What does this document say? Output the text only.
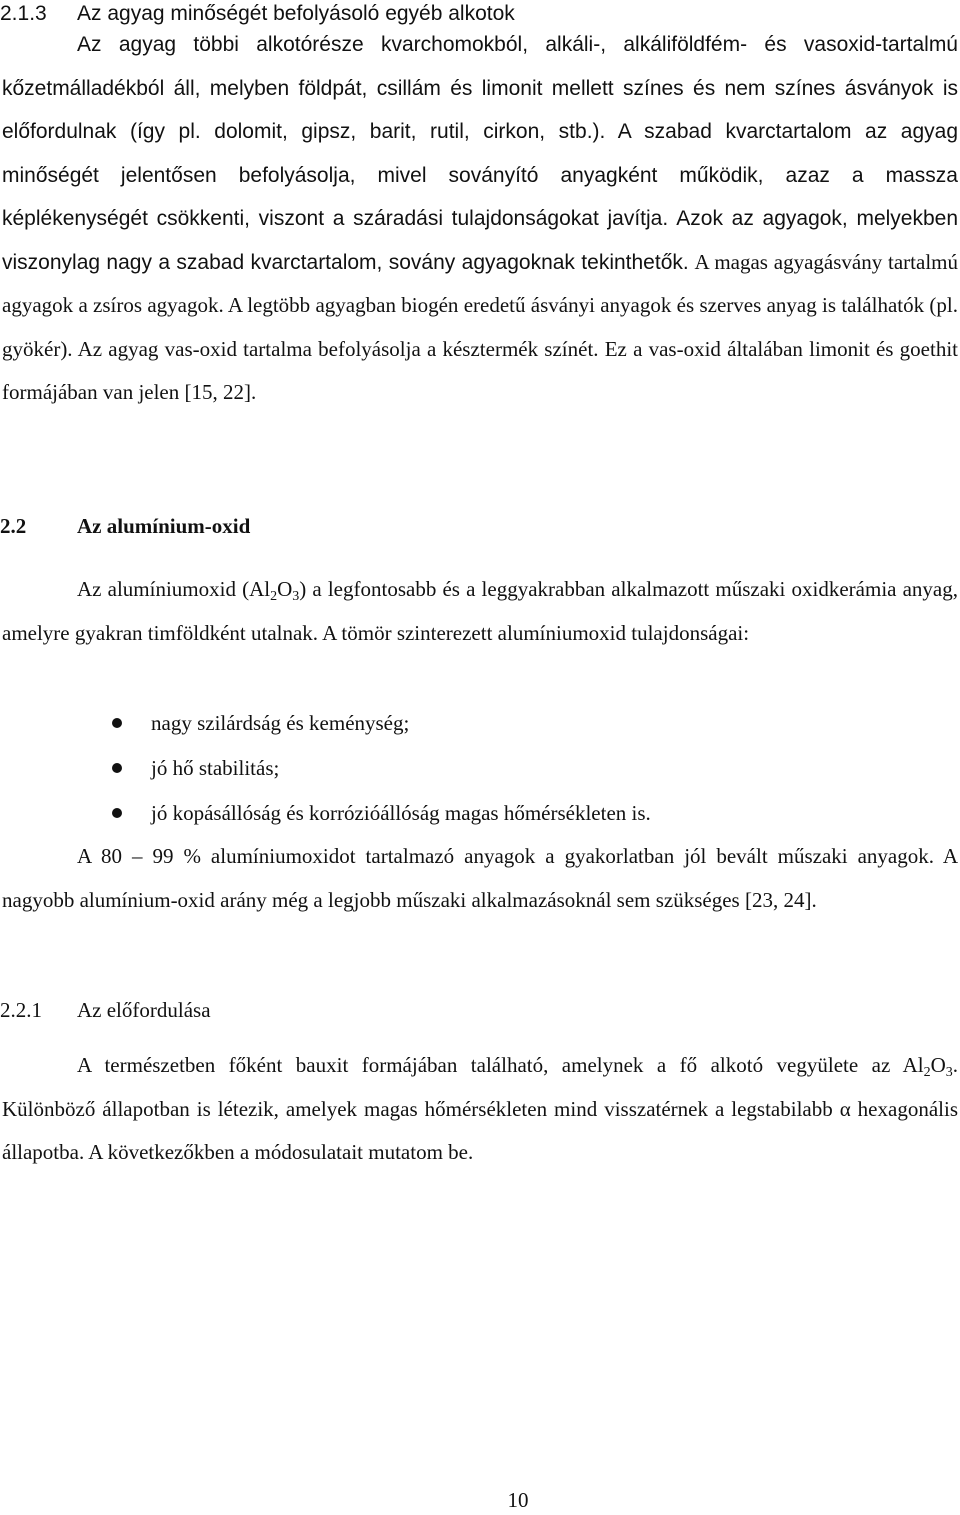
2.1.3 Az agyag minőségét befolyásoló egyéb alkotok
Az agyag többi alkotórésze kvarchomokból, alkáli-, alkáliföldfém- és vasoxid-tartalmú kőzetmálladékból áll, melyben földpát, csillám és limonit mellett színes és nem színes ásványok is előfordulnak (így pl. dolomit, gipsz, barit, rutil, cirkon, stb.). A szabad kvarctartalom az agyag minőségét jelentősen befolyásolja, mivel soványító anyagként működik, azaz a massza képlékenységét csökkenti, viszont a száradási tulajdonságokat javítja. Azok az agyagok, melyekben viszonylag nagy a szabad kvarctartalom, sovány agyagoknak tekinthetők. A magas agyagásvány tartalmú agyagok a zsíros agyagok. A legtöbb agyagban biogén eredetű ásványi anyagok és szerves anyag is találhatók (pl. gyökér). Az agyag vas-oxid tartalma befolyásolja a késztermék színét. Ez a vas-oxid általában limonit és goethit formájában van jelen [15, 22].
2.2 Az alumínium-oxid
Az alumíniumoxid $(Al_2O_3)$ a legfontosabb és a leggyakrabban alkalmazott műszaki oxidkerámia anyag, amelyre gyakran timföldként utalnak. A tömör szinterezett alumíniumoxid tulajdonságai:
nagy szilárdság és keménység;
jó hő stabilitás;
jó kopásállóság és korrózióállóság magas hőmérsékleten is.
A 80 – 99 % alumíniumoxidot tartalmazó anyagok a gyakorlatban jól bevált műszaki anyagok. A nagyobb alumínium-oxid arány még a legjobb műszaki alkalmazásoknál sem szükséges [23, 24].
2.2.1 Az előfordulása
A természetben főként bauxit formájában található, amelynek a fő alkotó vegyülete az $Al_2O_3$. Különböző állapotban is létezik, amelyek magas hőmérsékleten mind visszatérnek a legstabilabb α hexagonális állapotba. A következőkben a módosulatait mutatom be.
10
